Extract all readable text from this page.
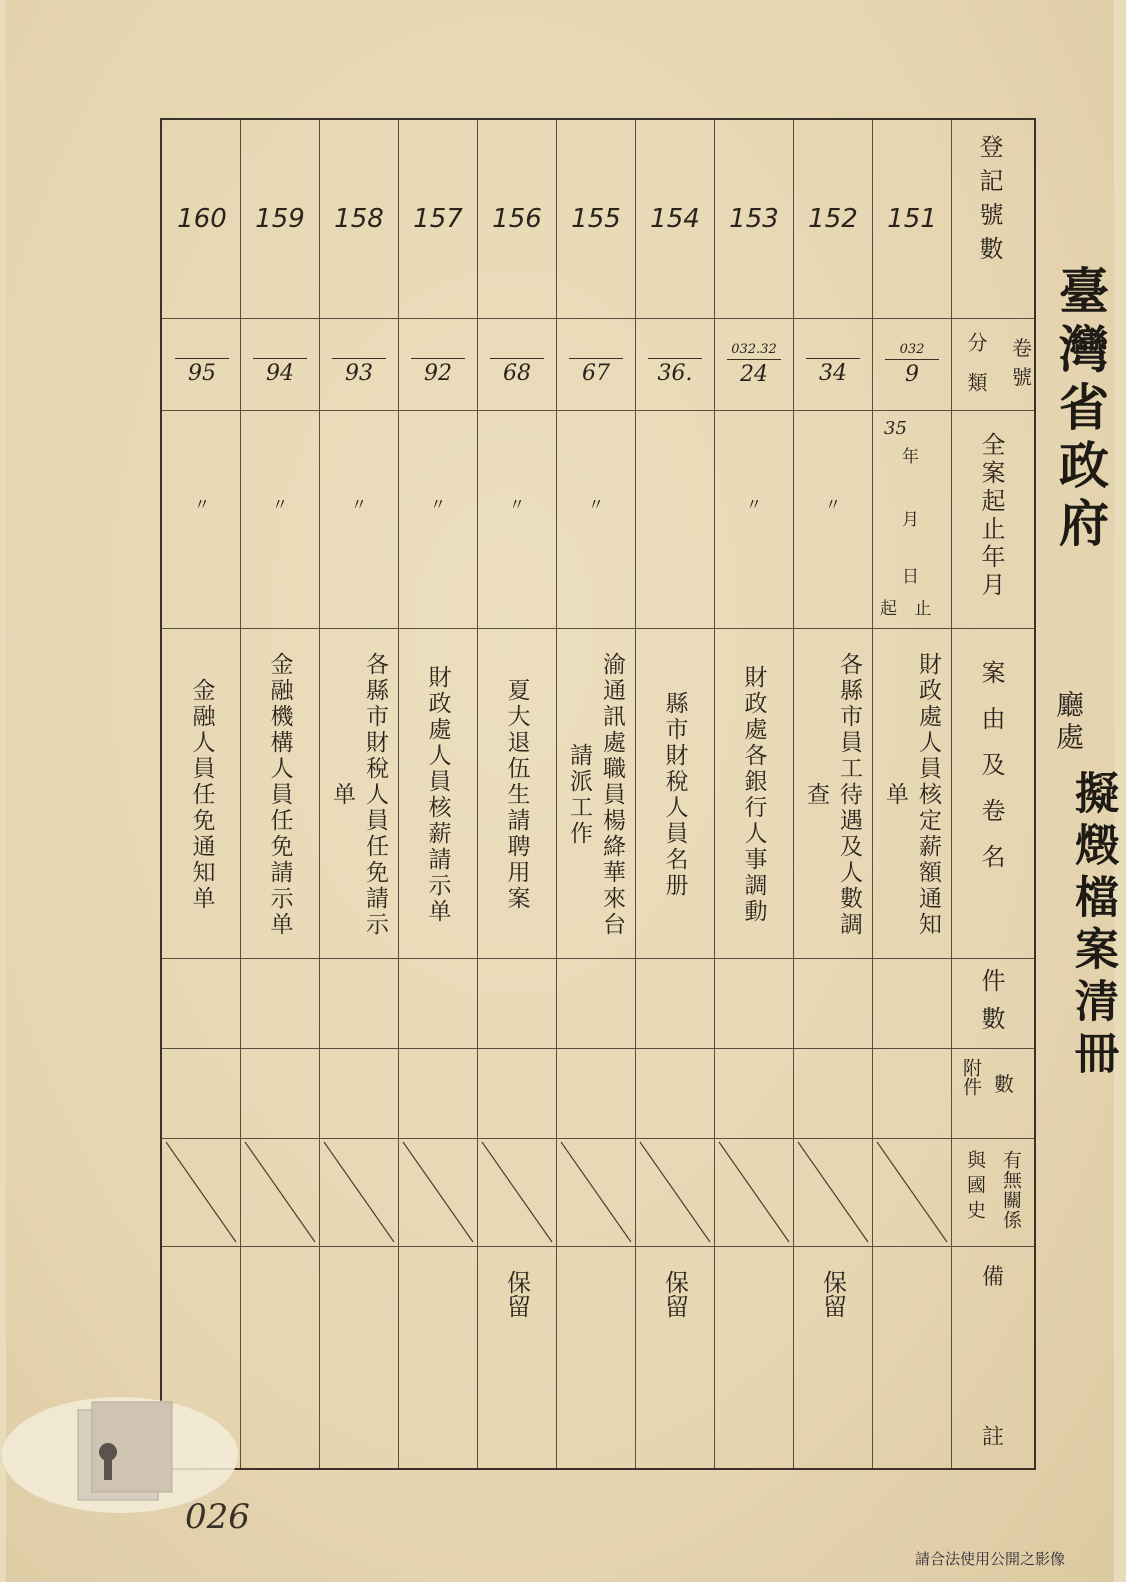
臺灣省政府
廳處
擬燬檔案清冊
登記號數
卷　號
分　類
全案起止年月
案由及卷名
件數
附件 數
與國史 有無關係
備
註
35
年
月
日
起 止
151
032
9
財政處人員核定薪額通知单
152
34
〃
各縣市員工待遇及人數調查
保留
153
032.32
24
〃
財政處各銀行人事調動
154
36.
縣市財稅人員名册
保留
155
67
〃
渝通訊處職員楊絳華來台請派工作
156
68
〃
夏大退伍生請聘用案
保留
157
92
〃
財政處人員核薪請示单
158
93
〃
各縣市財稅人員任免請示单
159
94
〃
金融機構人員任免請示单
160
95
〃
金融人員任免通知单
026
請合法使用公開之影像
